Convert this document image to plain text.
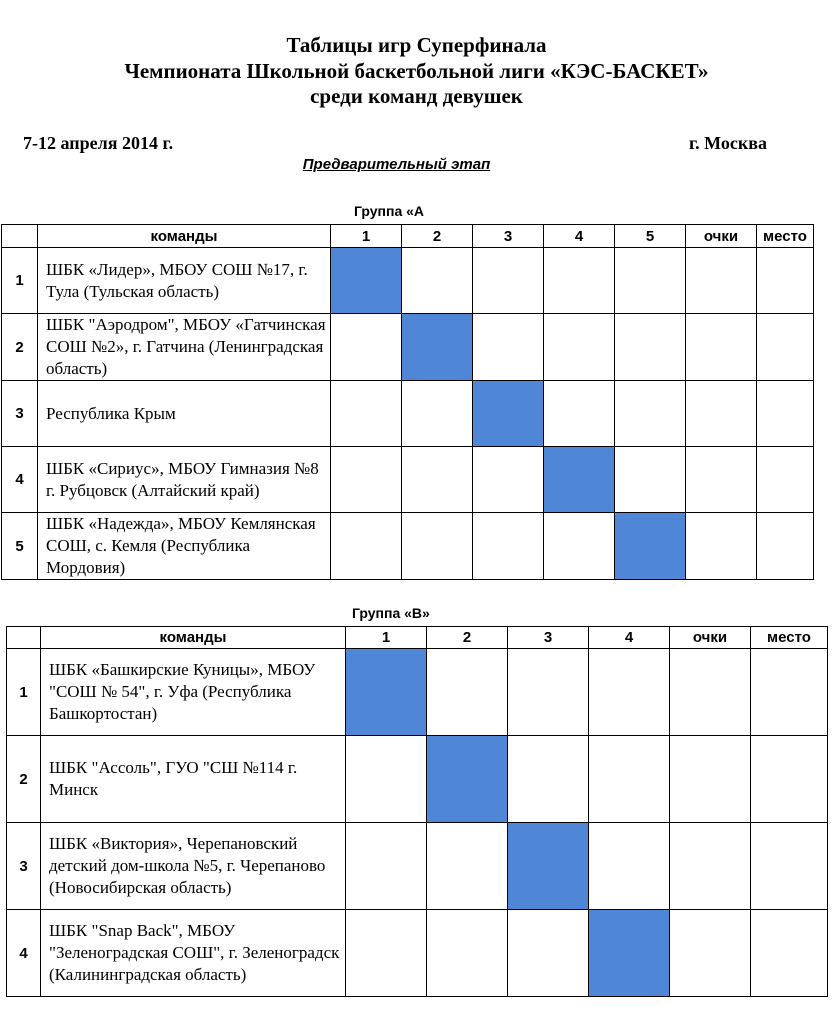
Таблицы игр Суперфинала
Чемпионата Школьной баскетбольной лиги «КЭС-БАСКЕТ»
среди команд девушек
7-12 апреля 2014 г.	г. Москва
Предварительный этап
Группа «А
	команды	1	2	3	4	5	очки	место
1	ШБК «Лидер», МБОУ СОШ №17, г. Тула (Тульская область)							
2	ШБК "Аэродром", МБОУ «Гатчинская СОШ №2», г. Гатчина (Ленинградская область)							
3	Республика Крым							
4	ШБК «Сириус», МБОУ Гимназия №8 г. Рубцовск (Алтайский край)							
5	ШБК «Надежда», МБОУ Кемлянская СОШ, с. Кемля (Республика Мордовия)							
Группа «В»
	команды	1	2	3	4	очки	место
1	ШБК «Башкирские Куницы», МБОУ "СОШ № 54", г. Уфа (Республика Башкортостан)						
2	ШБК "Ассоль", ГУО "СШ №114 г. Минск						
3	ШБК «Виктория», Черепановский детский дом-школа №5, г. Черепаново (Новосибирская область)						
4	ШБК "Snap Back", МБОУ "Зеленоградская СОШ", г. Зеленоградск (Калининградская область)						
